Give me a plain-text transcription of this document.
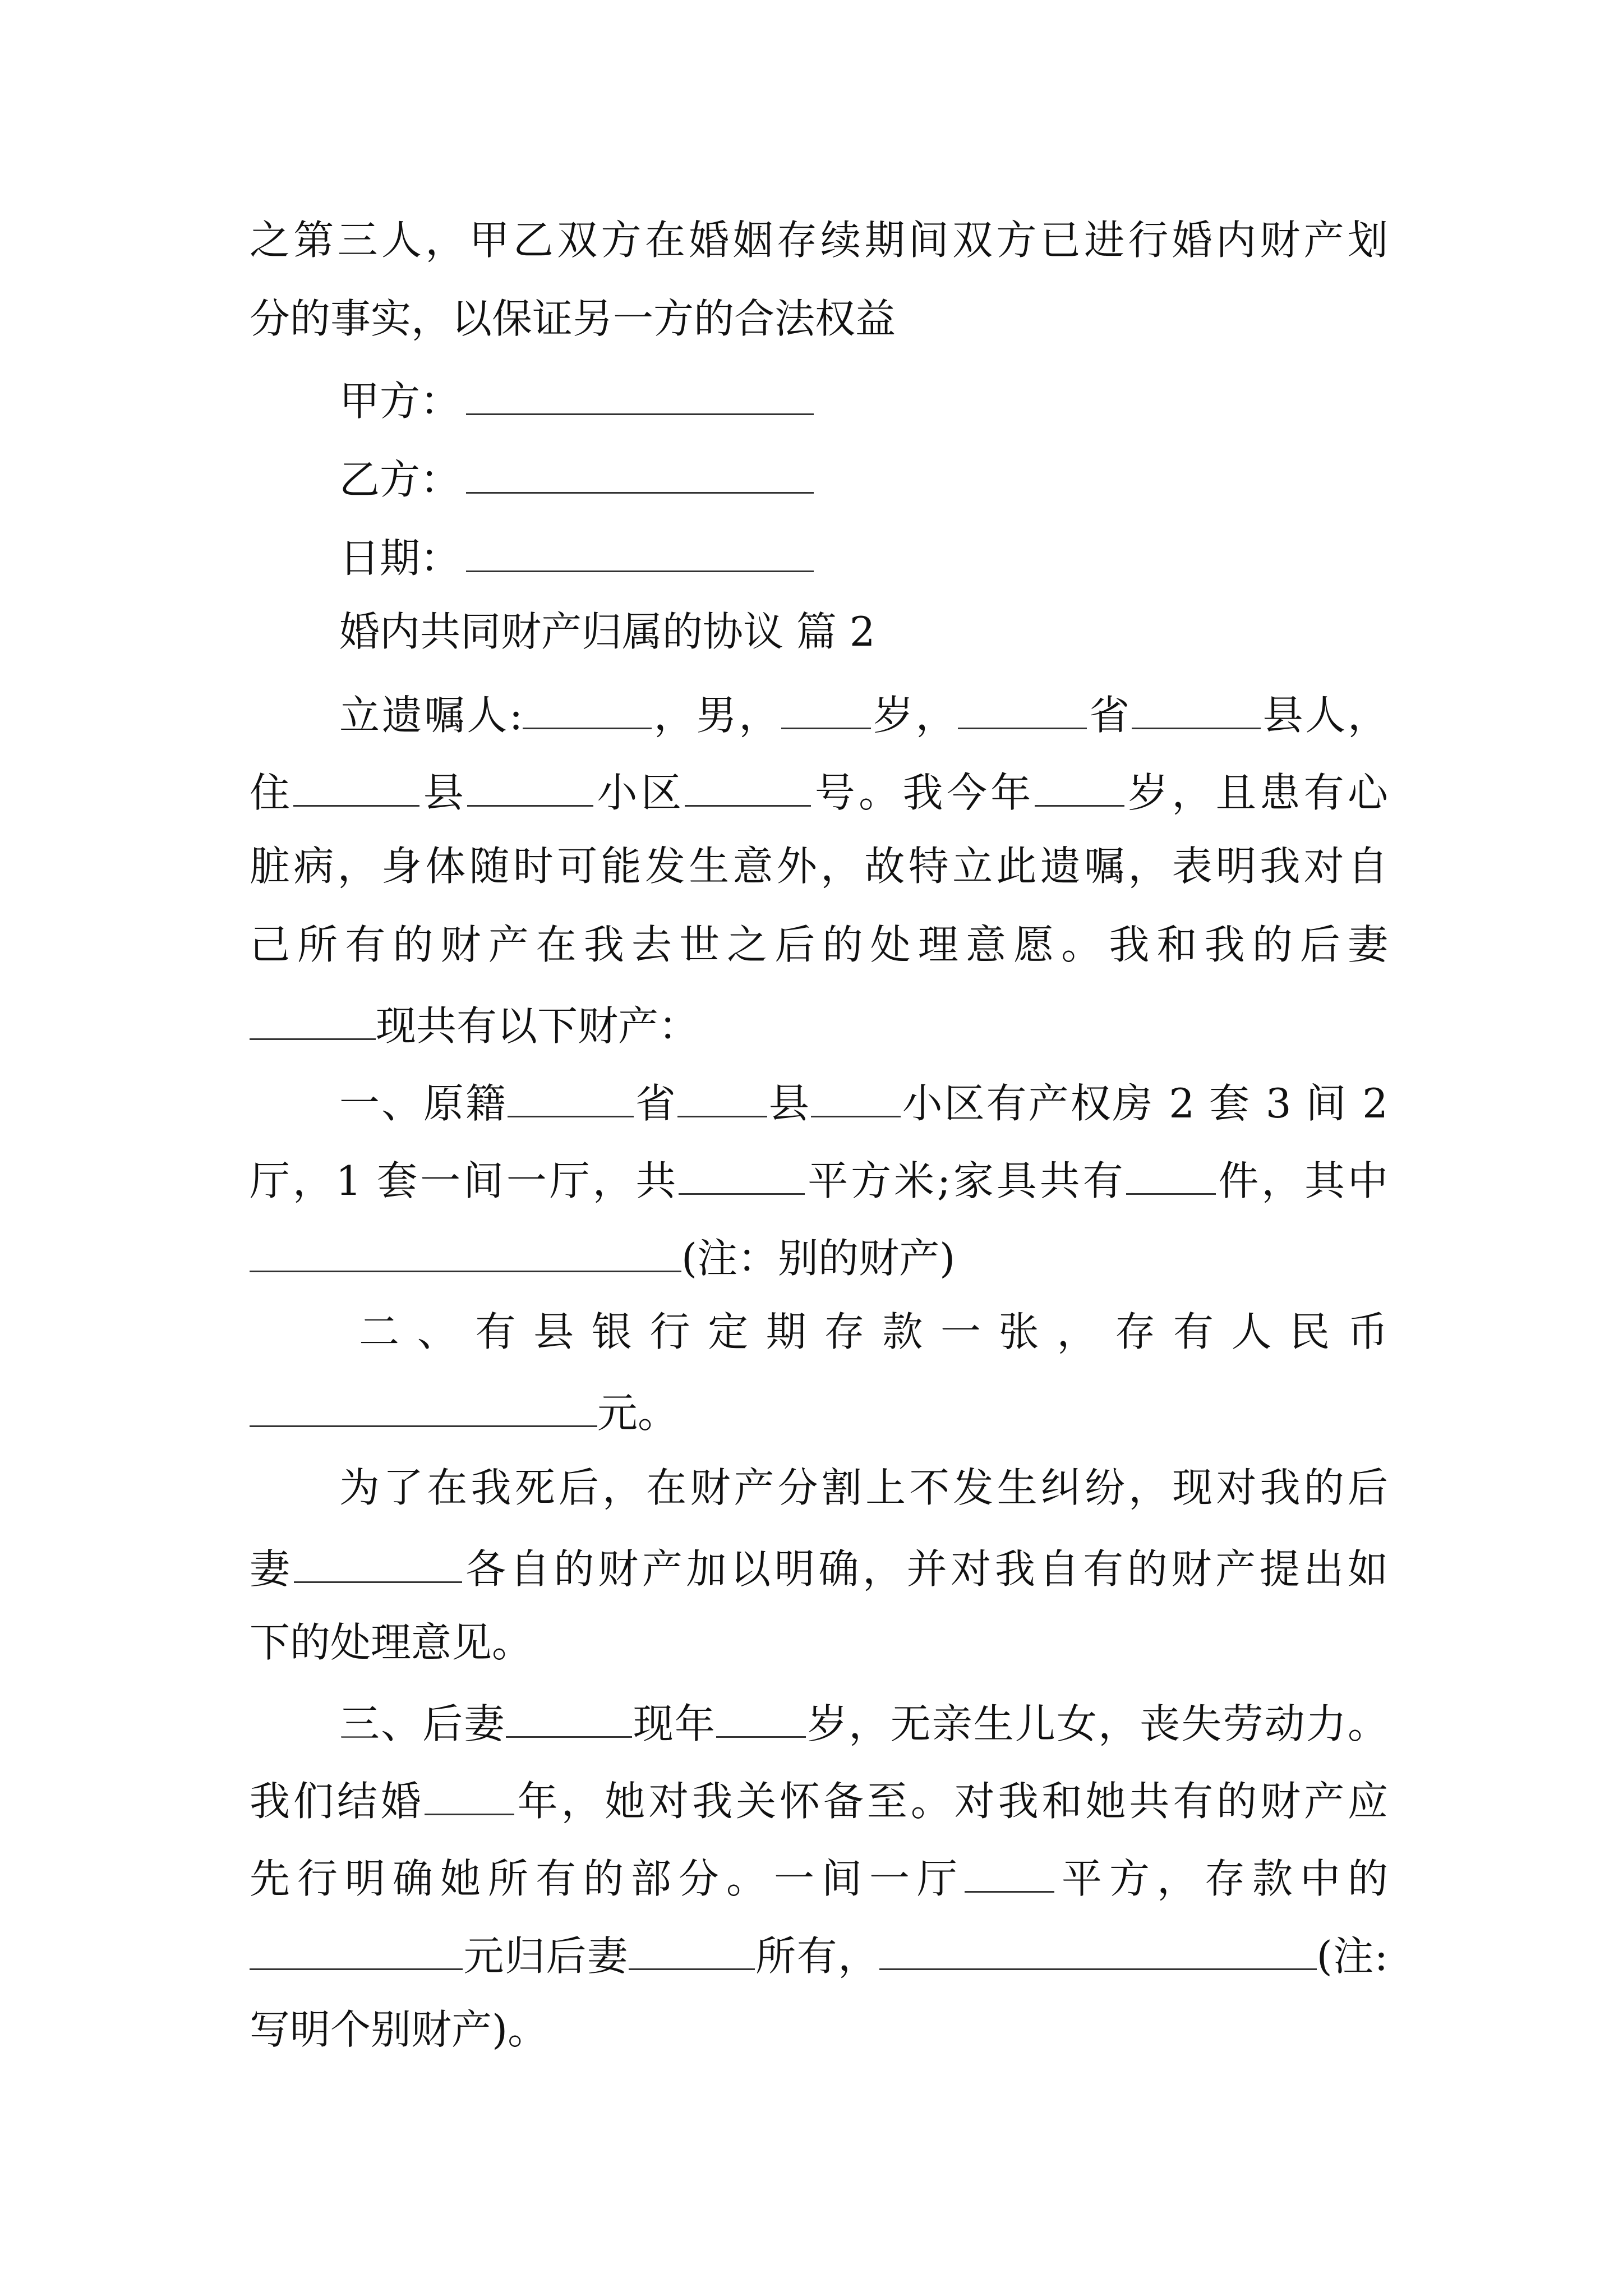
之第三人，甲乙双方在婚姻存续期间双方已进行婚内财产划
分的事实，以保证另一方的合法权益
甲方：
乙方：
日期：
婚内共同财产归属的协议 篇 2
立遗嘱人:	，男， 岁，	省	县人，
住	县	小区	号。我今年 岁，且患有心
脏病，身体随时可能发生意外，故特立此遗嘱，表明我对自
己所有的财产在我去世之后的处理意愿。我和我的后妻
现共有以下财产：
一、原籍	省 县 小区有产权房 2 套 3 间 2
厅，1 套一间一厅，共	平方米;家具共有 件，其中
(注：别的财产)
二、有县银行定期存款一张，存有人民币
元。
为了在我死后，在财产分割上不发生纠纷，现对我的后
妻	各自的财产加以明确，并对我自有的财产提出如
下的处理意见。
三、后妻	现年 岁，无亲生儿女，丧失劳动力。
我们结婚 年，她对我关怀备至。对我和她共有的财产应
先行明确她所有的部分。一间一厅 平方，存款中的
元归后妻	所有，	(注:
写明个别财产)。
